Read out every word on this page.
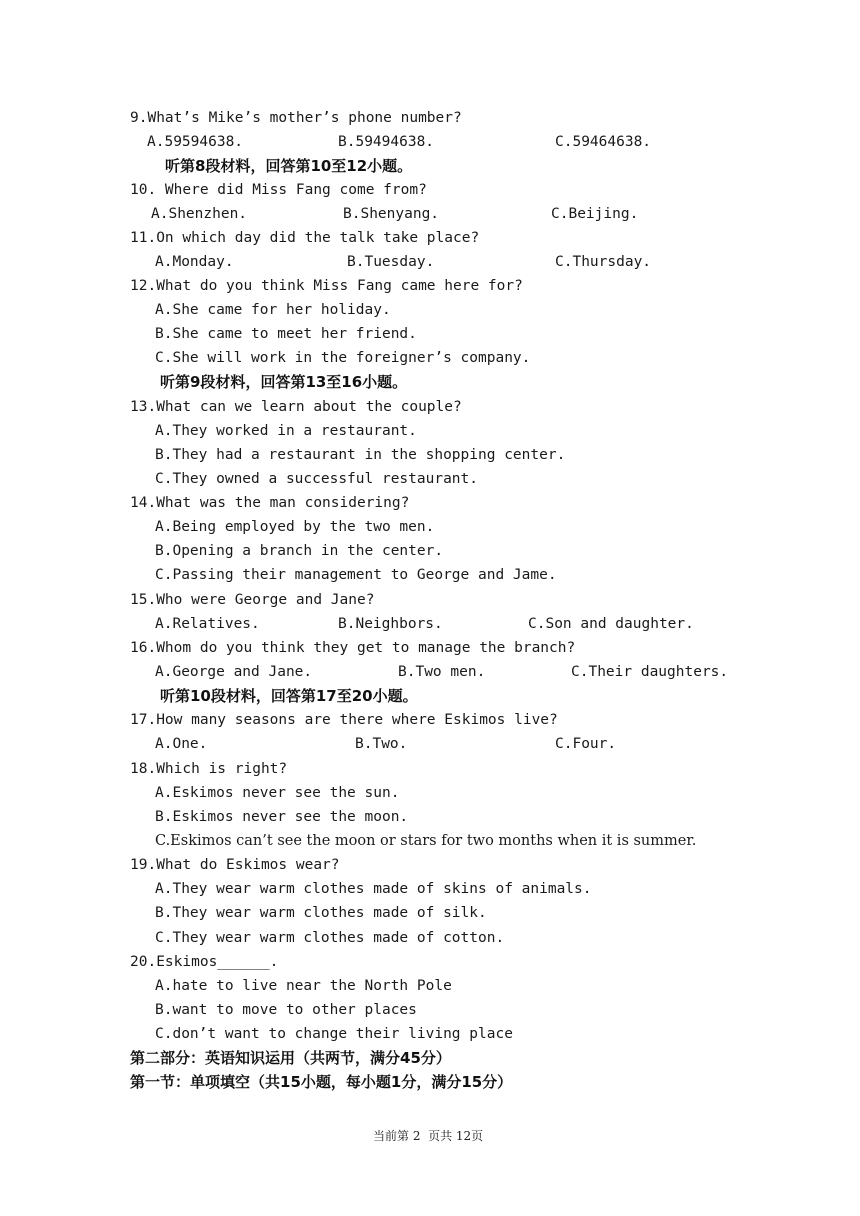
9.What’s Mike’s mother’s phone number?
A.59594638.	B.59494638.	C.59464638.
听第8段材料，回答第10至12小题。
10. Where did Miss Fang come from?
A.Shenzhen.	B.Shenyang.	C.Beijing.
11.On which day did the talk take place?
A.Monday.	B.Tuesday.	C.Thursday.
12.What do you think Miss Fang came here for?
A.She came for her holiday.
B.She came to meet her friend.
C.She will work in the foreigner’s company.
听第9段材料，回答第13至16小题。
13.What can we learn about the couple?
A.They worked in a restaurant.
B.They had a restaurant in the shopping center.
C.They owned a successful restaurant.
14.What was the man considering?
A.Being employed by the two men.
B.Opening a branch in the center.
C.Passing their management to George and Jame.
15.Who were George and Jane?
A.Relatives.	B.Neighbors.	C.Son and daughter.
16.Whom do you think they get to manage the branch?
A.George and Jane.	B.Two men.	C.Their daughters.
听第10段材料，回答第17至20小题。
17.How many seasons are there where Eskimos live?
A.One.	B.Two.	C.Four.
18.Which is right?
A.Eskimos never see the sun.
B.Eskimos never see the moon.
C.Eskimos can’t see the moon or stars for two months when it is summer.
19.What do Eskimos wear?
A.They wear warm clothes made of skins of animals.
B.They wear warm clothes made of silk.
C.They wear warm clothes made of cotton.
20.Eskimos______.
A.hate to live near the North Pole
B.want to move to other places
C.don’t want to change their living place
第二部分：英语知识运用（共两节，满分45分）
第一节：单项填空（共15小题，每小题1分，满分15分）
当前第 2  页共 12页
